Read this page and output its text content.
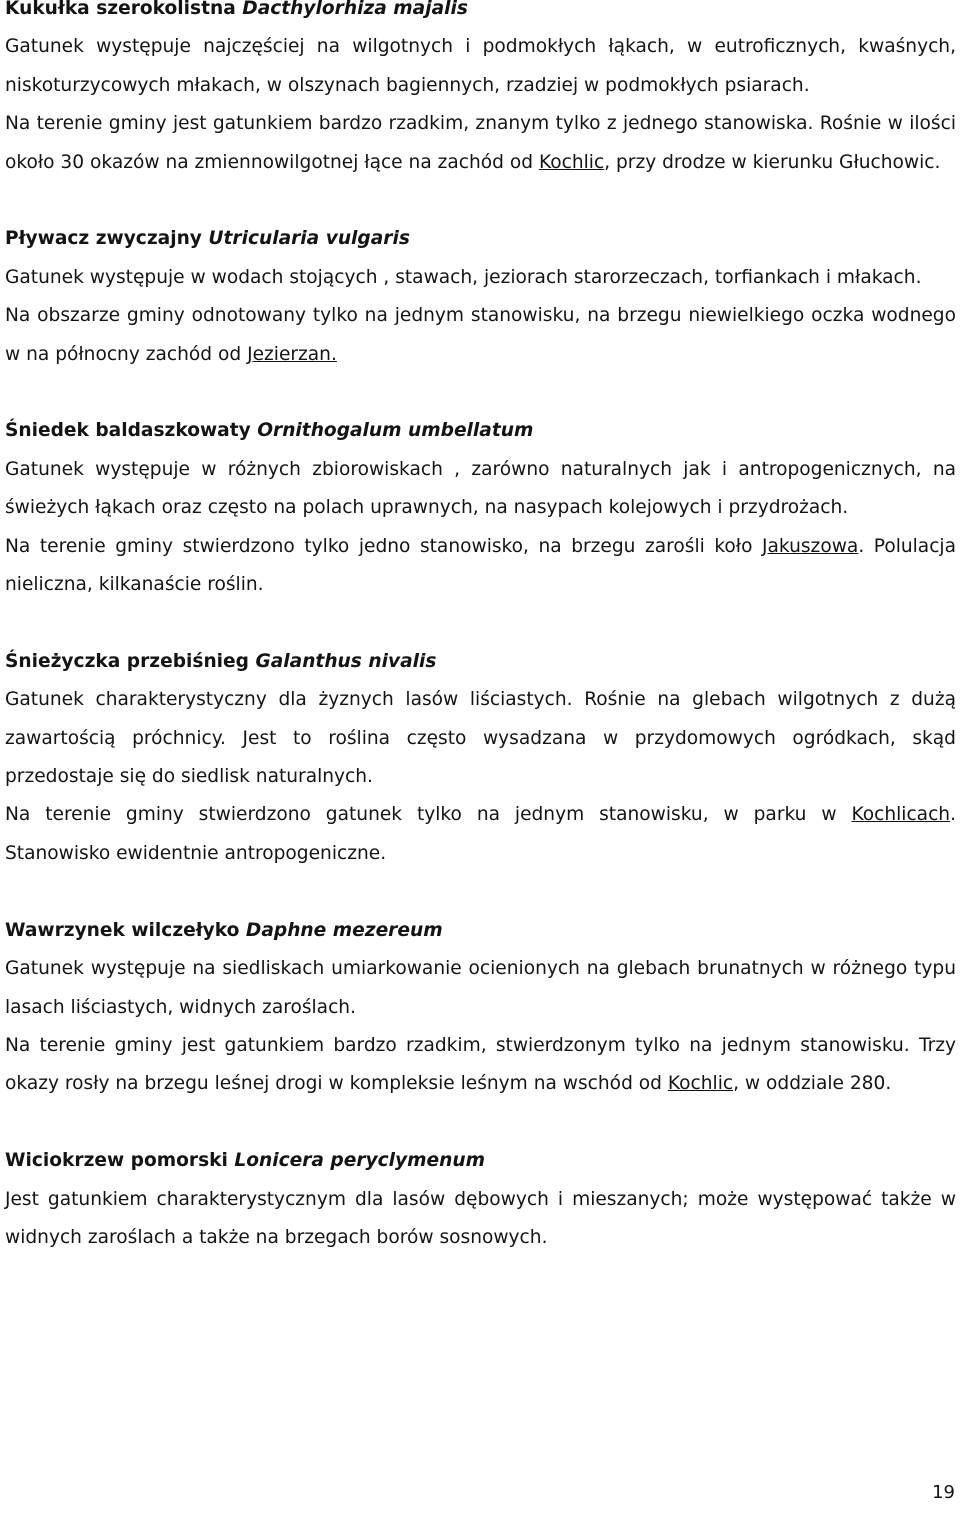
Kukułka szerokolistna Dacthylorhiza majalis

Gatunek występuje najczęściej na wilgotnych i podmokłych łąkach, w eutroficznych, kwaśnych, niskoturzycowych młakach, w olszynach bagiennych, rzadziej w podmokłych psiarach.

Na terenie gminy jest gatunkiem bardzo rzadkim, znanym tylko z jednego stanowiska. Rośnie w ilości około 30 okazów na zmiennowilgotnej łące na zachód od Kochlic, przy drodze w kierunku Głuchowic.

Pływacz zwyczajny Utricularia vulgaris

Gatunek występuje w wodach stojących , stawach, jeziorach starorzeczach, torfiankach i młakach.

Na obszarze gminy odnotowany tylko na jednym stanowisku, na brzegu niewielkiego oczka wodnego w na północny zachód od Jezierzan.

Śniedek baldaszkowaty Ornithogalum umbellatum

Gatunek występuje w różnych zbiorowiskach , zarówno naturalnych jak i antropogenicznych, na świeżych łąkach oraz często na polach uprawnych, na nasypach kolejowych i przydrożach.

Na terenie gminy stwierdzono tylko jedno stanowisko, na brzegu zarośli koło Jakuszowa. Polulacja nieliczna, kilkanaście roślin.

Śnieżyczka przebiśnieg Galanthus nivalis

Gatunek charakterystyczny dla żyznych lasów liściastych. Rośnie na glebach wilgotnych z dużą zawartością próchnicy. Jest to roślina często wysadzana w przydomowych ogródkach, skąd przedostaje się do siedlisk naturalnych.

Na terenie gminy stwierdzono gatunek tylko na jednym stanowisku, w parku w Kochlicach. Stanowisko ewidentnie antropogeniczne.

Wawrzynek wilczełyko Daphne mezereum

Gatunek występuje na siedliskach umiarkowanie ocienionych na glebach brunatnych w różnego typu lasach liściastych, widnych zaroślach.

Na terenie gminy jest gatunkiem bardzo rzadkim, stwierdzonym tylko na jednym stanowisku. Trzy okazy rosły na brzegu leśnej drogi w kompleksie leśnym na wschód od Kochlic, w oddziale 280.

Wiciokrzew pomorski Lonicera peryclymenum

Jest gatunkiem charakterystycznym dla lasów dębowych i mieszanych; może występować także w widnych zaroślach a także na brzegach borów sosnowych.

19
